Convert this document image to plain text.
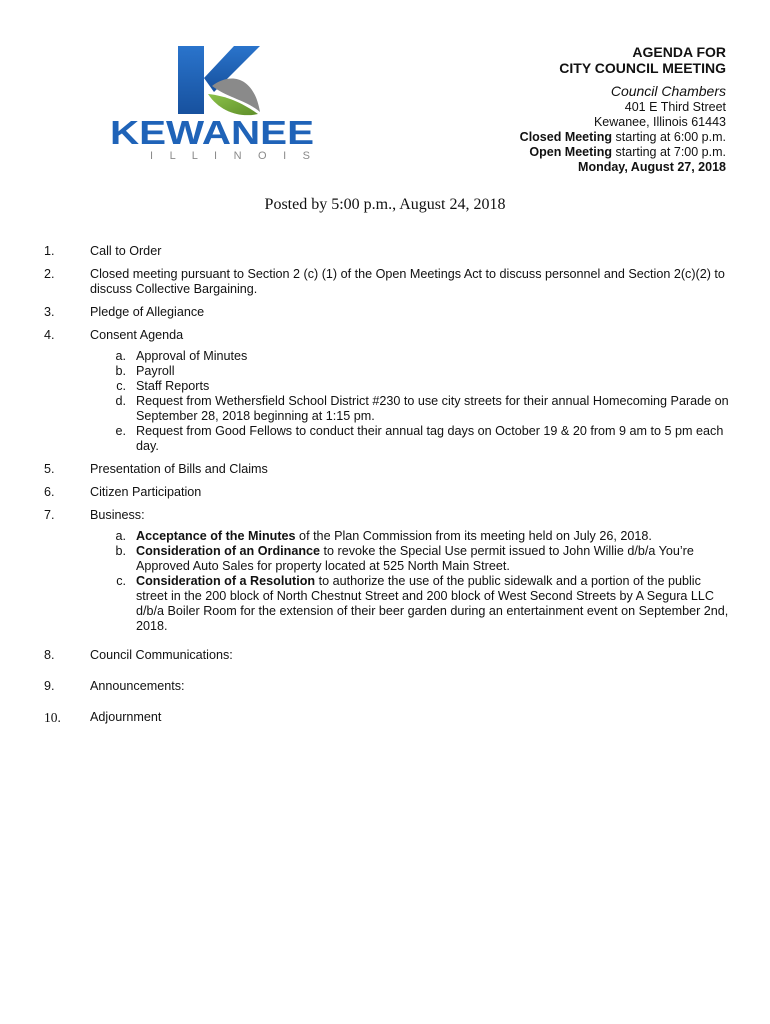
KEWANEE
I L L I N O I S
AGENDA FOR
CITY COUNCIL MEETING
Council Chambers
401 E Third Street
Kewanee, Illinois 61443
Closed Meeting starting at 6:00 p.m.
Open Meeting starting at 7:00 p.m.
Monday, August 27, 2018
Posted by 5:00 p.m., August 24, 2018
1.	Call to Order
2.	Closed meeting pursuant to Section 2 (c) (1) of the Open Meetings Act to discuss personnel and Section 2(c)(2) to discuss Collective Bargaining.
3.	Pledge of Allegiance
4.	Consent Agenda
a. Approval of Minutes
b. Payroll
c. Staff Reports
d. Request from Wethersfield School District #230 to use city streets for their annual Homecoming Parade on September 28, 2018 beginning at 1:15 pm.
e. Request from Good Fellows to conduct their annual tag days on October 19 & 20 from 9 am to 5 pm each day.
5.	Presentation of Bills and Claims
6.	Citizen Participation
7.	Business:
a. Acceptance of the Minutes of the Plan Commission from its meeting held on July 26, 2018.
b. Consideration of an Ordinance to revoke the Special Use permit issued to John Willie d/b/a You’re Approved Auto Sales for property located at 525 North Main Street.
c. Consideration of a Resolution to authorize the use of the public sidewalk and a portion of the public street in the 200 block of North Chestnut Street and 200 block of West Second Streets by A Segura LLC d/b/a Boiler Room for the extension of their beer garden during an entertainment event on September 2nd, 2018.
8.	Council Communications:
9.	Announcements:
10. Adjournment
